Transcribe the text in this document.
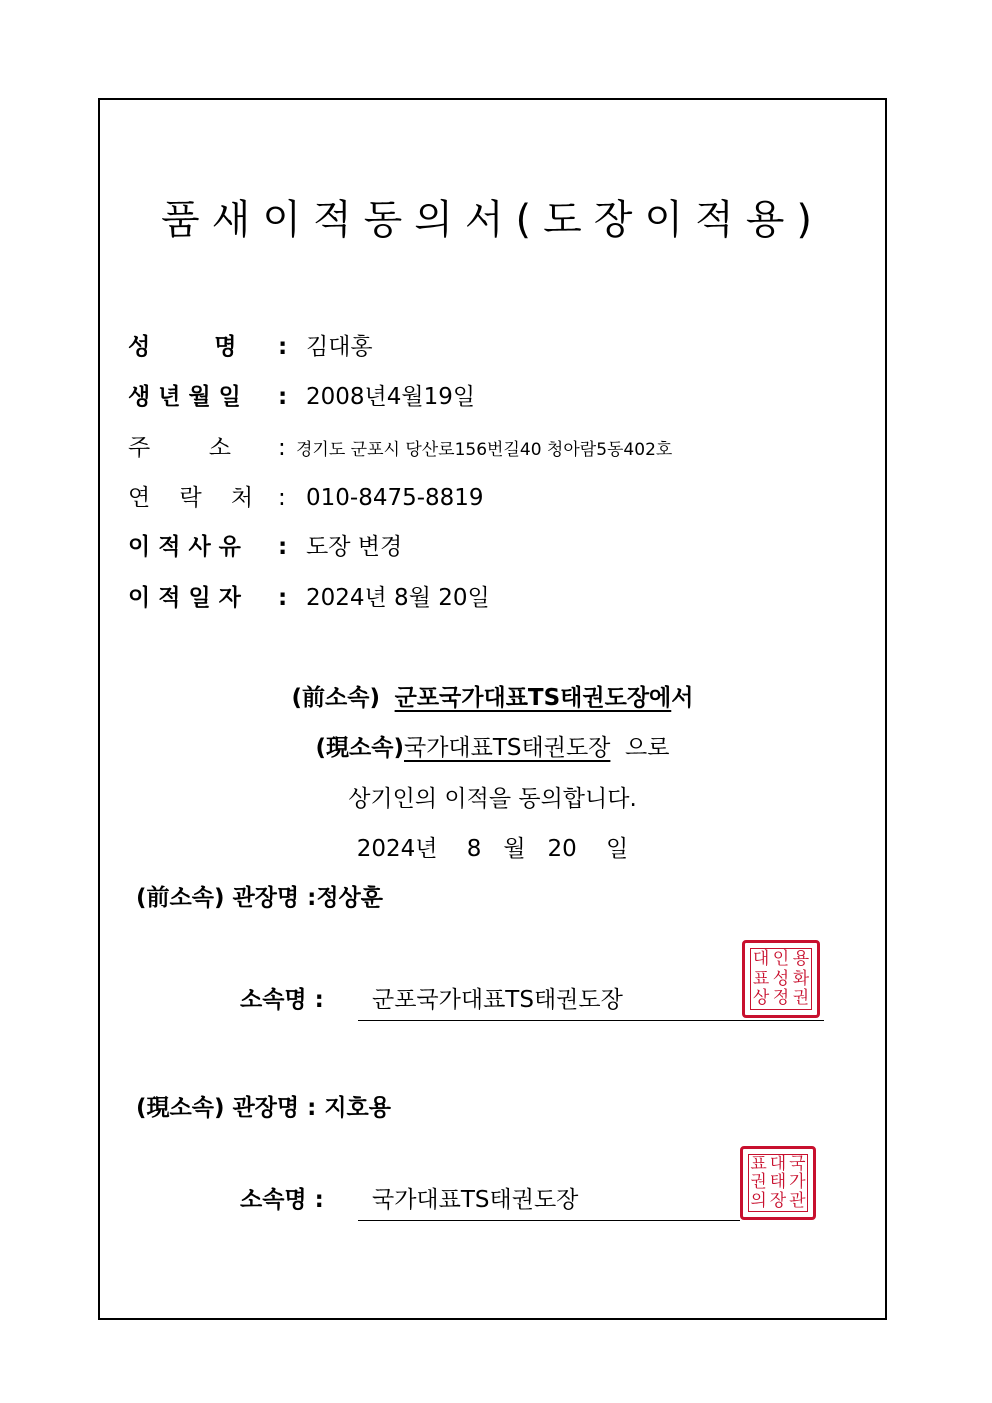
품새이적동의서(도장이적용)
성        명 : 김대홍
생 년 월 일 : 2008년4월19일
주        소 : 경기도 군포시 당산로156번길40 청아람5동402호
연    락    처 : 010-8475-8819
이 적 사 유 : 도장 변경
이 적 일 자 : 2024년 8월 20일
(前소속) 군포국가대표TS태권도장에서
(現소속)국가대표TS태권도장 으로
상기인의 이적을 동의합니다.
2024년    8   월   20    일
(前소속) 관장명 :정상훈
소속명 : 군포국가대표TS태권도장
대 인 용
표 성 화
상 정 권
(現소속) 관장명 : 지호용
소속명 : 국가대표TS태권도장
표 대 국
권 태 가
의 장 관
